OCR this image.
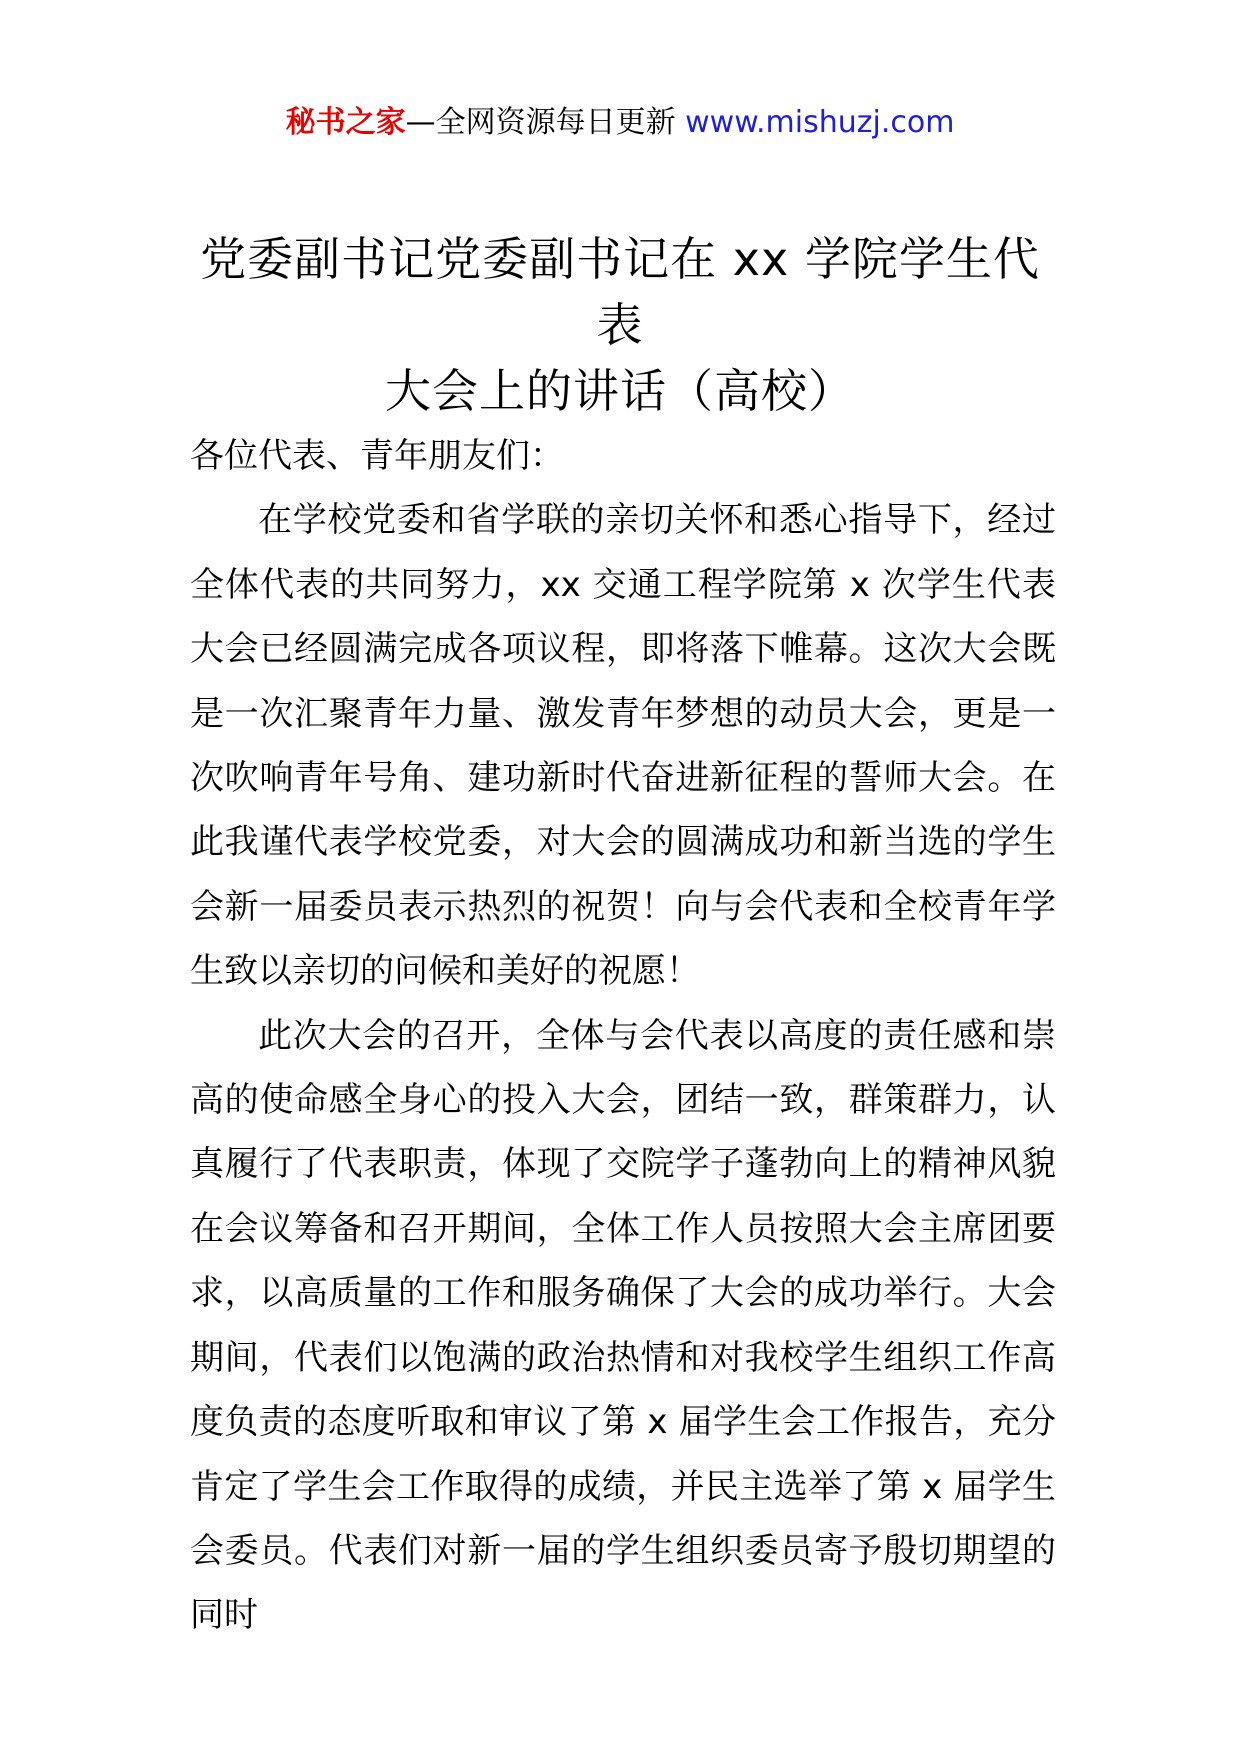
秘书之家—全网资源每日更新 www.mishuzj.com
党委副书记党委副书记在 xx 学院学生代表
大会上的讲话（高校）

各位代表、青年朋友们：

在学校党委和省学联的亲切关怀和悉心指导下，经过全体代表的共同努力，xx 交通工程学院第 x 次学生代表大会已经圆满完成各项议程，即将落下帷幕。这次大会既是一次汇聚青年力量、激发青年梦想的动员大会，更是一次吹响青年号角、建功新时代奋进新征程的誓师大会。在此我谨代表学校党委，对大会的圆满成功和新当选的学生会新一届委员表示热烈的祝贺！向与会代表和全校青年学生致以亲切的问候和美好的祝愿！

此次大会的召开，全体与会代表以高度的责任感和崇高的使命感全身心的投入大会，团结一致，群策群力，认真履行了代表职责，体现了交院学子蓬勃向上的精神风貌在会议筹备和召开期间，全体工作人员按照大会主席团要求，以高质量的工作和服务确保了大会的成功举行。大会期间，代表们以饱满的政治热情和对我校学生组织工作高度负责的态度听取和审议了第 x 届学生会工作报告，充分肯定了学生会工作取得的成绩，并民主选举了第 x 届学生会委员。代表们对新一届的学生组织委员寄予殷切期望的同时
